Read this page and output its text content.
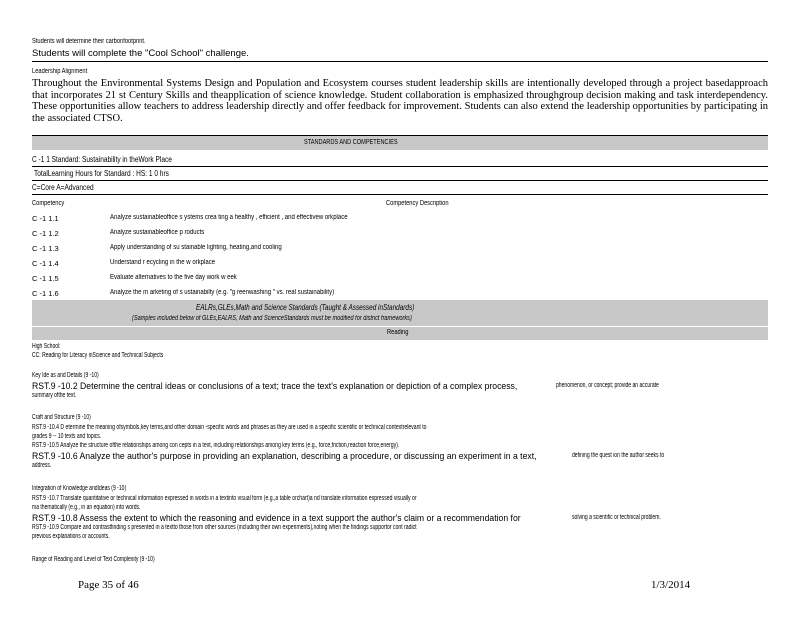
Students will determine their carbonfootprint.
Students will complete the "Cool School" challenge.
Leadership Alignment
Throughout the Environmental Systems Design and Population and Ecosystem courses student leadership skills are intentionally developed through a project basedapproach that incorporates 21 st Century Skills and theapplication of science knowledge. Student collaboration is emphasized throughgroup decision making and task interdependency. These opportunities allow teachers to address leadership directly and offer feedback for improvement. Students can also extend the leadership opportunities by participating in the associated CTSO.
STANDARDS AND COMPETENCIES
C -1 1 Standard: Sustainability in theWork Place
TotalLearning Hours for Standard : HS: 1 0 hrs
C=Core A=Advanced
Competency	Competency Description
C -1 1.1	Analyze sustainableoffice s ystems crea ting a healthy , efficient , and effectivew orkplace
C -1 1.2	Analyze sustainableoffice p roducts
C -1 1.3	Apply understanding of su stainable lighting, heating,and cooling
C -1 1.4	Understand r ecycling in the w orkplace
C -1 1.5	Evaluate alternatives to the five day work w eek
C -1 1.6	Analyze the m arketing of s ustainabilty (e.g. "g reenwashing " vs. real sustainability)
EALRs,GLEs,Math and Science Standards (Taught & Assessed inStandards)
(Samples included below of GLEs,EALRS, Math and ScienceStandards must be modified for district frameworks)
Reading
High School:
CC: Reading for Literacy inScience and Technical Subjects
Key Ide as and Details (9 -10)
RST.9 -10.2 Determine the central ideas or conclusions of a text; trace the text's explanation or depiction of a complex process,	phenomenon, or concept; provide an accurate
summary ofthe text.
Craft and Structure (9 -10)
RST.9 -10.4 D etermine the meaning ofsymbols,key terms,and other domain -specific words and phrases as they are used in a specific scientific or technical contextrelevant to
grades 9 -- 10 texts and topics.
RST.9 -10.5 Analyze the structure ofthe relationships among con cepts in a text, including relationships among key terms (e.g., force,friction,reaction force,energy).
RST.9 -10.6 Analyze the author's purpose in providing an explanation, describing a procedure, or discussing an experiment in a text,	defining the quest ion the author seeks to
address.
Integration of Knowledge andIdeas (9 -10)
RST.9 -10.7 Translate quantitative or technical information expressed in words in a textinto visual form (e.g.,a table orchart)a nd translate information expressed visually or
ma thematically (e.g., in an equation) into words.
RST.9 -10.8 Assess the extent to which the reasoning and evidence in a text support the author's claim or a recommendation for	solving a scientific or technical problem.
RST.9 -10.9 Compare and contrastfinding s presented in a textto those from other sources (including their own experiments),noting when the findings supportor cont radict
previous explanations or accounts.
Range of Reading and Level of Text Complexity (9 -10)
Page 35 of 46	1/3/2014
